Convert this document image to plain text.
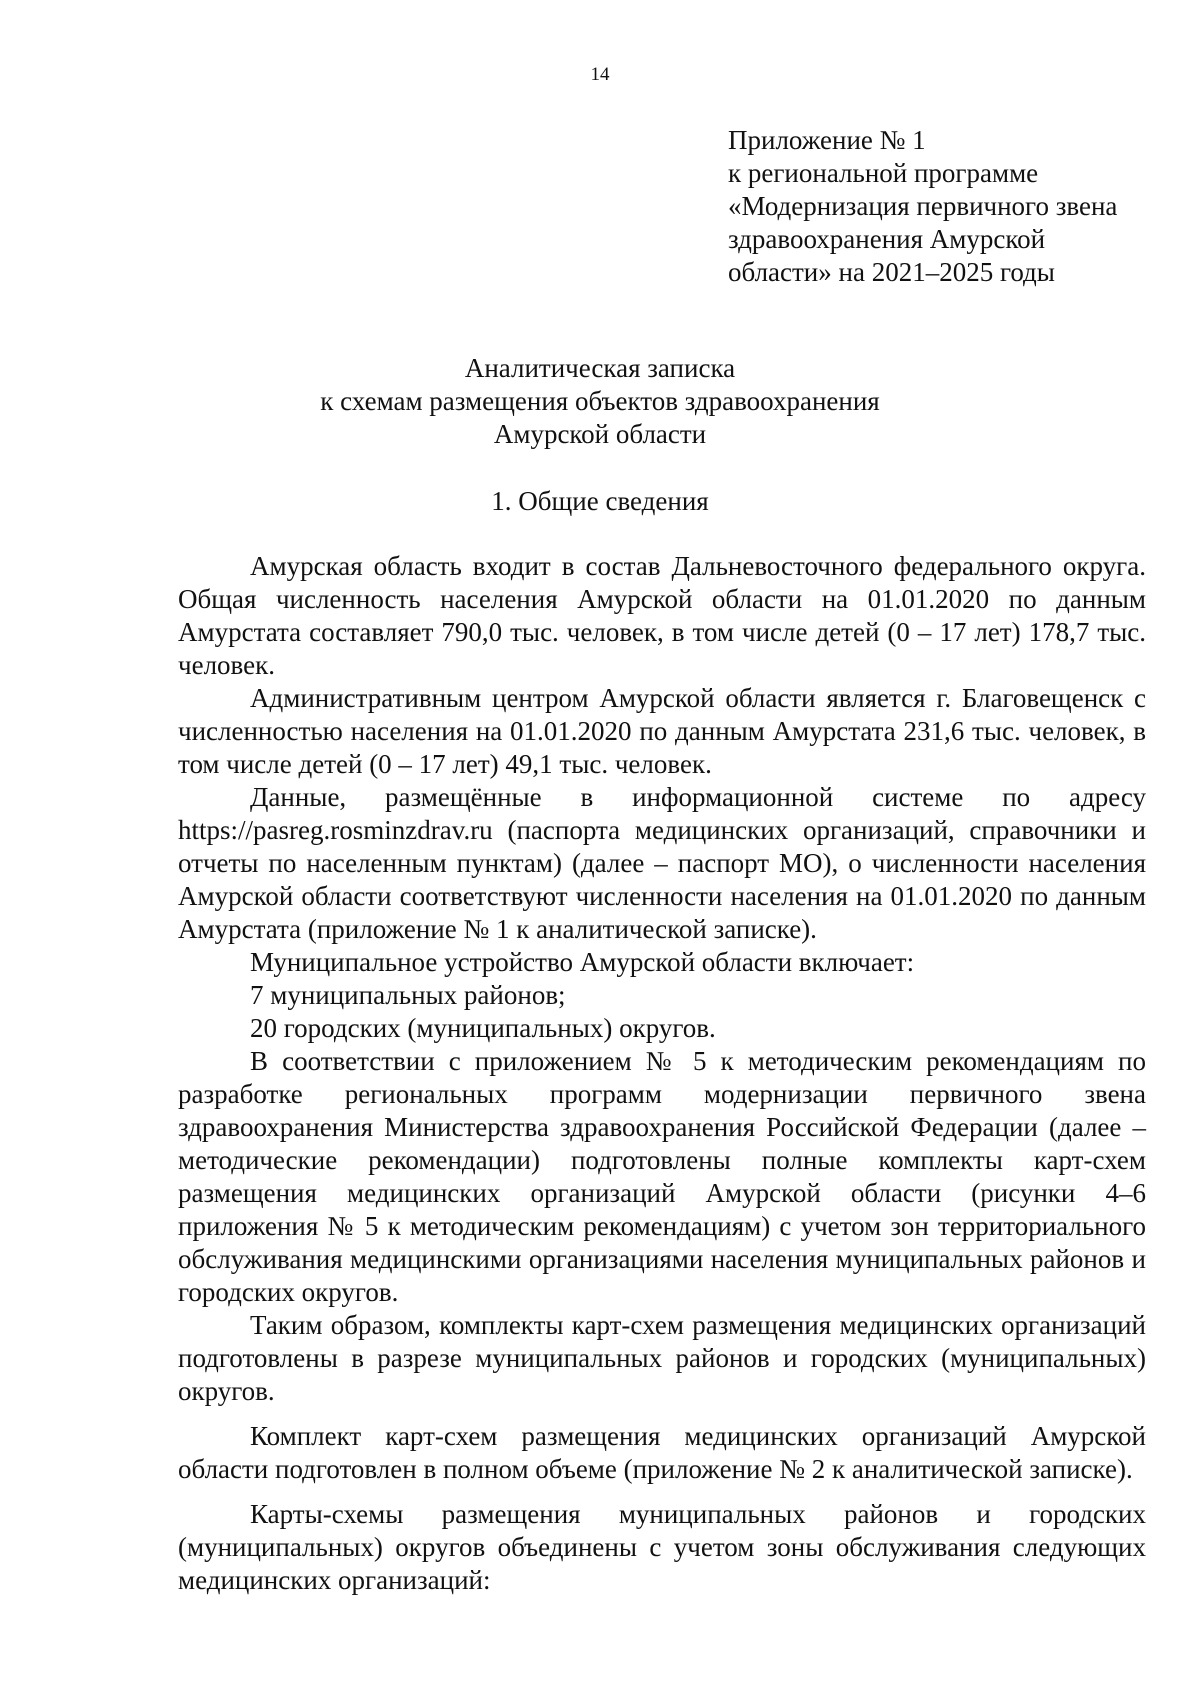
14
Приложение № 1
к региональной программе
«Модернизация первичного звена
здравоохранения Амурской
области» на 2021–2025 годы
Аналитическая записка
к схемам размещения объектов здравоохранения
Амурской области
1. Общие сведения

Амурская область входит в состав Дальневосточного федерального округа. Общая численность населения Амурской области на 01.01.2020 по данным Амурстата составляет 790,0 тыс. человек, в том числе детей (0 – 17 лет) 178,7 тыс. человек.

Административным центром Амурской области является г. Благовещенск с численностью населения на 01.01.2020 по данным Амурстата 231,6 тыс. человек, в том числе детей (0 – 17 лет) 49,1 тыс. человек.

Данные, размещённые в информационной системе по адресу https://pasreg.rosminzdrav.ru (паспорта медицинских организаций, справочники и отчеты по населенным пунктам) (далее – паспорт МО), о численности населения Амурской области соответствуют численности населения на 01.01.2020 по данным Амурстата (приложение № 1 к аналитической записке).

Муниципальное устройство Амурской области включает:

7 муниципальных районов;

20 городских (муниципальных) округов.

В соответствии с приложением № 5 к методическим рекомендациям по разработке региональных программ модернизации первичного звена здравоохранения Министерства здравоохранения Российской Федерации (далее – методические рекомендации) подготовлены полные комплекты карт-схем размещения медицинских организаций Амурской области (рисунки 4–6 приложения № 5 к методическим рекомендациям) с учетом зон территориального обслуживания медицинскими организациями населения муниципальных районов и городских округов.

Таким образом, комплекты карт-схем размещения медицинских организаций подготовлены в разрезе муниципальных районов и городских (муниципальных) округов.

Комплект карт-схем размещения медицинских организаций Амурской области подготовлен в полном объеме (приложение № 2 к аналитической записке).

Карты-схемы размещения муниципальных районов и городских (муниципальных) округов объединены с учетом зоны обслуживания следующих медицинских организаций:
